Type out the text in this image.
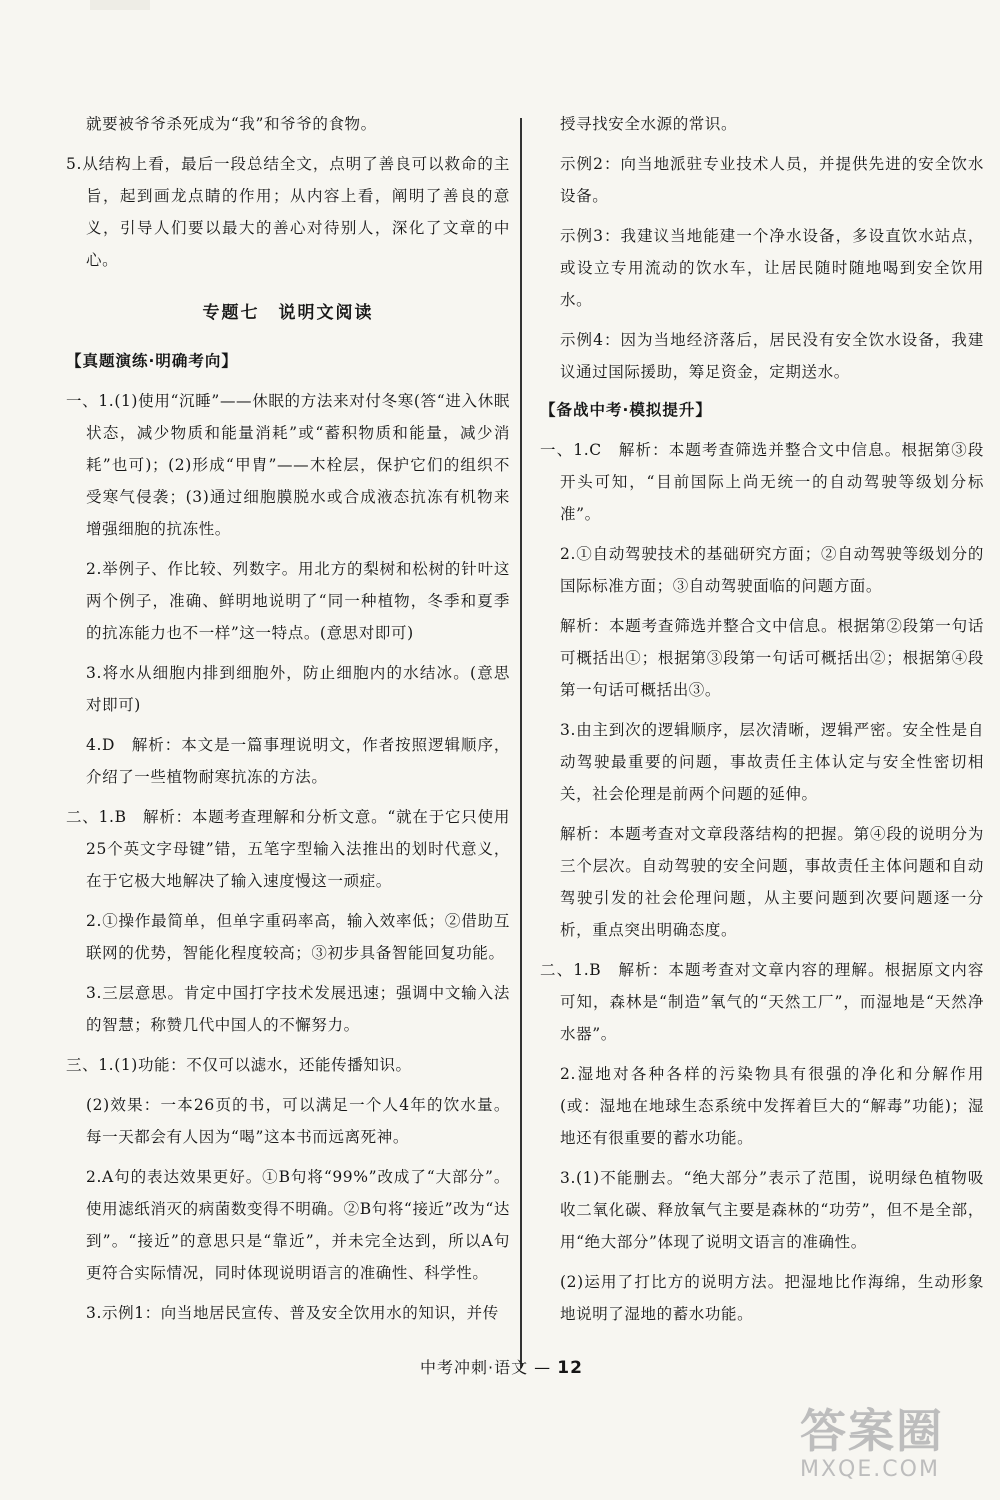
就要被爷爷杀死成为“我”和爷爷的食物。

5.从结构上看，最后一段总结全文，点明了善良可以救命的主旨，起到画龙点睛的作用；从内容上看，阐明了善良的意义，引导人们要以最大的善心对待别人，深化了文章的中心。

专题七　说明文阅读
【真题演练·明确考向】

一、1.(1)使用“沉睡”——休眠的方法来对付冬寒(答“进入休眠状态，减少物质和能量消耗”或“蓄积物质和能量，减少消耗”也可)；(2)形成“甲胄”——木栓层，保护它们的组织不受寒气侵袭；(3)通过细胞膜脱水或合成液态抗冻有机物来增强细胞的抗冻性。

2.举例子、作比较、列数字。用北方的梨树和松树的针叶这两个例子，准确、鲜明地说明了“同一种植物，冬季和夏季的抗冻能力也不一样”这一特点。(意思对即可)

3.将水从细胞内排到细胞外，防止细胞内的水结冰。(意思对即可)

4.D　解析：本文是一篇事理说明文，作者按照逻辑顺序，介绍了一些植物耐寒抗冻的方法。

二、1.B　解析：本题考查理解和分析文意。“就在于它只使用25个英文字母键”错，五笔字型输入法推出的划时代意义，在于它极大地解决了输入速度慢这一顽症。

2.①操作最简单，但单字重码率高，输入效率低；②借助互联网的优势，智能化程度较高；③初步具备智能回复功能。

3.三层意思。肯定中国打字技术发展迅速；强调中文输入法的智慧；称赞几代中国人的不懈努力。

三、1.(1)功能：不仅可以滤水，还能传播知识。

(2)效果：一本26页的书，可以满足一个人4年的饮水量。每一天都会有人因为“喝”这本书而远离死神。

2.A句的表达效果更好。①B句将“99%”改成了“大部分”。使用滤纸消灭的病菌数变得不明确。②B句将“接近”改为“达到”。“接近”的意思只是“靠近”，并未完全达到，所以A句更符合实际情况，同时体现说明语言的准确性、科学性。

3.示例1：向当地居民宣传、普及安全饮用水的知识，并传

授寻找安全水源的常识。

示例2：向当地派驻专业技术人员，并提供先进的安全饮水设备。

示例3：我建议当地能建一个净水设备，多设直饮水站点，或设立专用流动的饮水车，让居民随时随地喝到安全饮用水。

示例4：因为当地经济落后，居民没有安全饮水设备，我建议通过国际援助，筹足资金，定期送水。

【备战中考·模拟提升】

一、1.C　解析：本题考查筛选并整合文中信息。根据第③段开头可知，“目前国际上尚无统一的自动驾驶等级划分标准”。

2.①自动驾驶技术的基础研究方面；②自动驾驶等级划分的国际标准方面；③自动驾驶面临的问题方面。

解析：本题考查筛选并整合文中信息。根据第②段第一句话可概括出①；根据第③段第一句话可概括出②；根据第④段第一句话可概括出③。

3.由主到次的逻辑顺序，层次清晰，逻辑严密。安全性是自动驾驶最重要的问题，事故责任主体认定与安全性密切相关，社会伦理是前两个问题的延伸。

解析：本题考查对文章段落结构的把握。第④段的说明分为三个层次。自动驾驶的安全问题，事故责任主体问题和自动驾驶引发的社会伦理问题，从主要问题到次要问题逐一分析，重点突出明确态度。

二、1.B　解析：本题考查对文章内容的理解。根据原文内容可知，森林是“制造”氧气的“天然工厂”，而湿地是“天然净水器”。

2.湿地对各种各样的污染物具有很强的净化和分解作用(或：湿地在地球生态系统中发挥着巨大的“解毒”功能)；湿地还有很重要的蓄水功能。

3.(1)不能删去。“绝大部分”表示了范围，说明绿色植物吸收二氧化碳、释放氧气主要是森林的“功劳”，但不是全部，用“绝大部分”体现了说明文语言的准确性。

(2)运用了打比方的说明方法。把湿地比作海绵，生动形象地说明了湿地的蓄水功能。

中考冲刺·语文 — 12
答案圈
MXQE.COM
